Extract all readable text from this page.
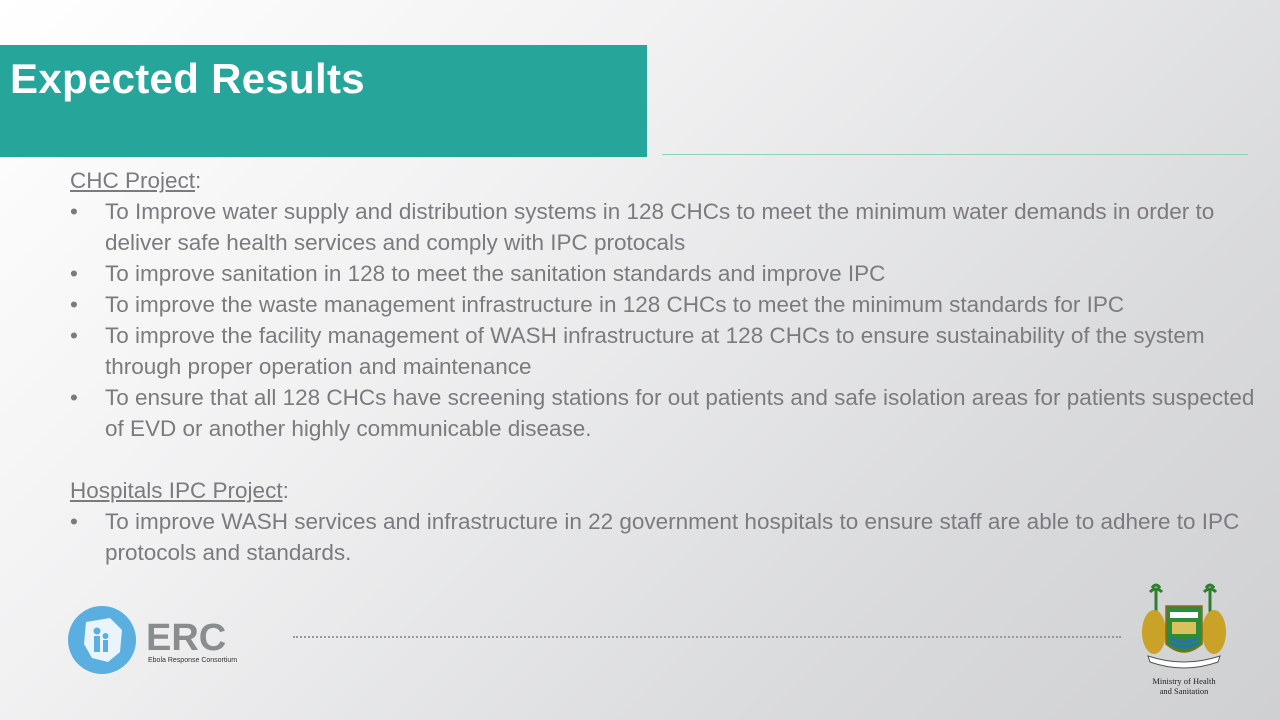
Expected Results

CHC Project:

• To Improve water supply and distribution systems in 128 CHCs to meet the minimum water demands in order to deliver safe health services and comply with IPC protocals
• To improve sanitation in 128 to meet the sanitation standards and improve IPC
• To improve the waste management infrastructure in 128 CHCs to meet the minimum standards for IPC
• To improve the facility management of WASH infrastructure at 128 CHCs to ensure sustainability of the system through proper operation and maintenance
• To ensure that all 128 CHCs have screening stations for out patients and safe isolation areas for patients suspected of EVD or another highly communicable disease.

Hospitals IPC Project:

• To improve WASH services and infrastructure in 22 government hospitals to ensure staff are able to adhere to IPC protocols and standards.
ERC
Ebola Response Consortium
Ministry of Health
and Sanitation
